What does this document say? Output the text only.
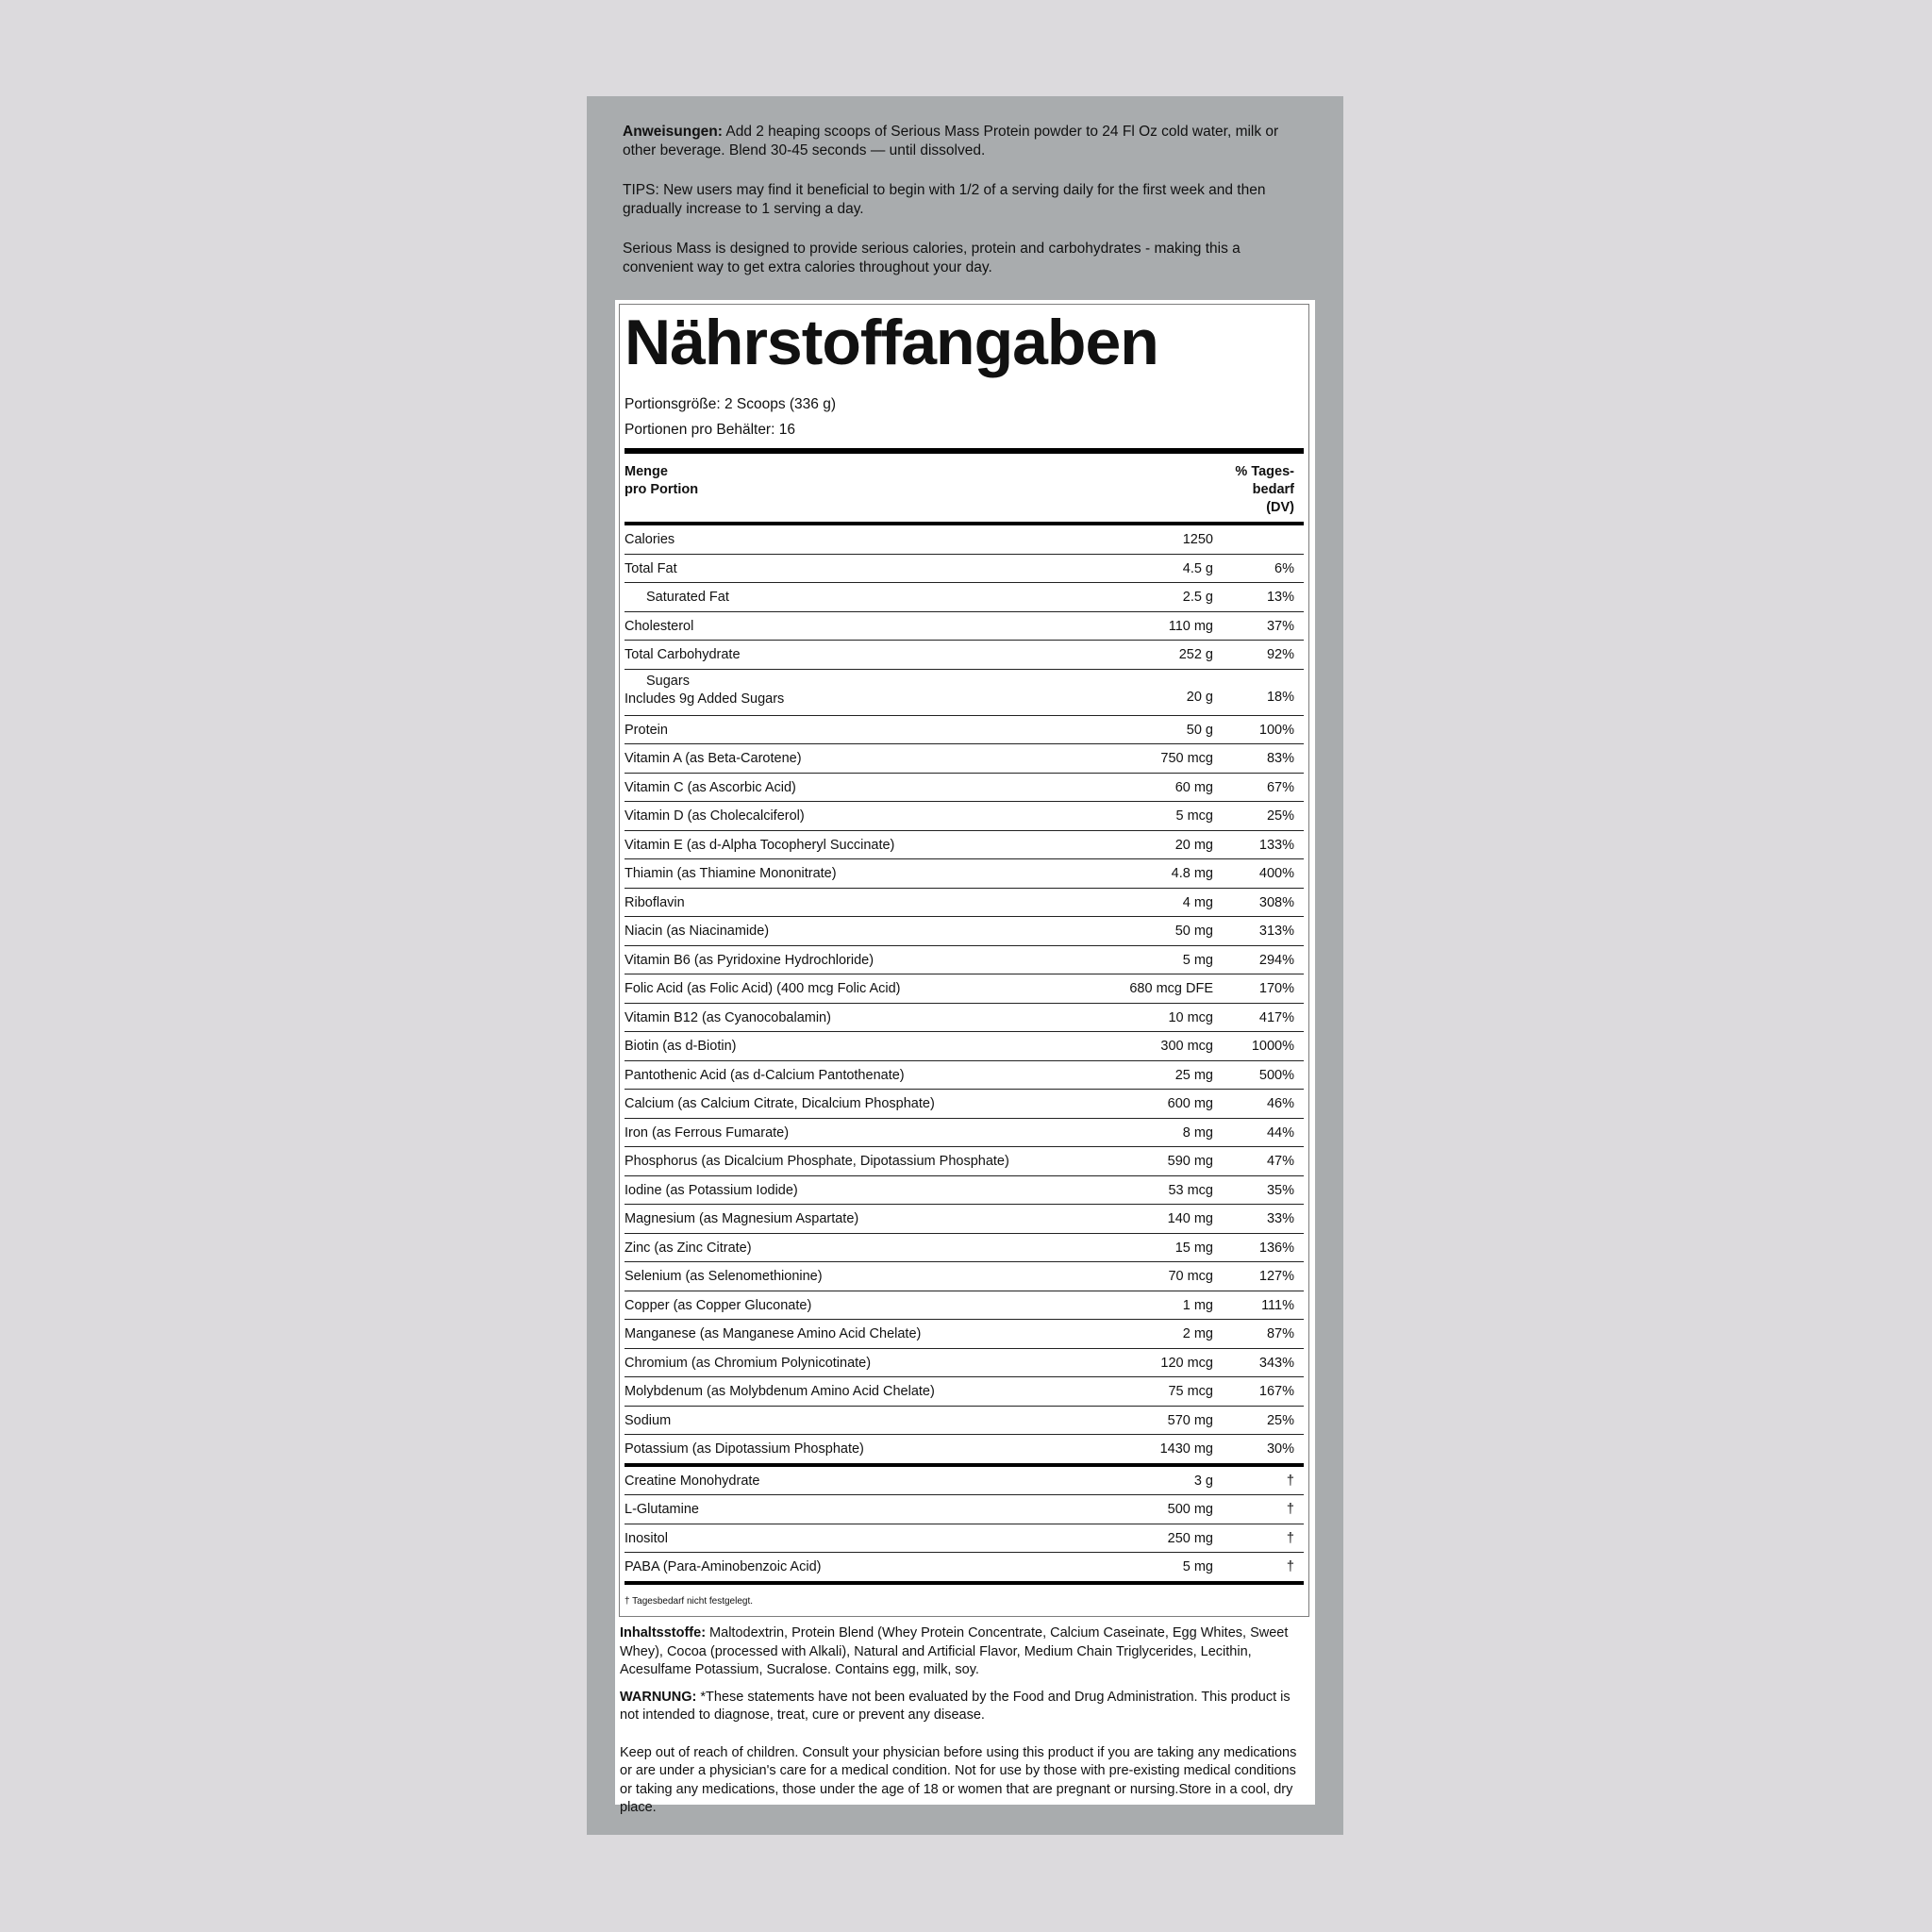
Anweisungen: Add 2 heaping scoops of Serious Mass Protein powder to 24 Fl Oz cold water, milk or other beverage. Blend 30-45 seconds — until dissolved.

TIPS: New users may find it beneficial to begin with 1/2 of a serving daily for the first week and then gradually increase to 1 serving a day.

Serious Mass is designed to provide serious calories, protein and carbohydrates - making this a convenient way to get extra calories throughout your day.

Nährstoffangaben
Portionsgröße: 2 Scoops (336 g)
Portionen pro Behälter: 16
Menge
pro Portion
% Tages-
bedarf
(DV)
Calories	1250
Total Fat	4.5 g	6%
Saturated Fat	2.5 g	13%
Cholesterol	110 mg	37%
Total Carbohydrate	252 g	92%
Sugars
Includes 9g Added Sugars	20 g	18%
Protein	50 g	100%
Vitamin A (as Beta-Carotene)	750 mcg	83%
Vitamin C (as Ascorbic Acid)	60 mg	67%
Vitamin D (as Cholecalciferol)	5 mcg	25%
Vitamin E (as d-Alpha Tocopheryl Succinate)	20 mg	133%
Thiamin (as Thiamine Mononitrate)	4.8 mg	400%
Riboflavin	4 mg	308%
Niacin (as Niacinamide)	50 mg	313%
Vitamin B6 (as Pyridoxine Hydrochloride)	5 mg	294%
Folic Acid (as Folic Acid) (400 mcg Folic Acid)	680 mcg DFE	170%
Vitamin B12 (as Cyanocobalamin)	10 mcg	417%
Biotin (as d-Biotin)	300 mcg	1000%
Pantothenic Acid (as d-Calcium Pantothenate)	25 mg	500%
Calcium (as Calcium Citrate, Dicalcium Phosphate)	600 mg	46%
Iron (as Ferrous Fumarate)	8 mg	44%
Phosphorus (as Dicalcium Phosphate, Dipotassium Phosphate)	590 mg	47%
Iodine (as Potassium Iodide)	53 mcg	35%
Magnesium (as Magnesium Aspartate)	140 mg	33%
Zinc (as Zinc Citrate)	15 mg	136%
Selenium (as Selenomethionine)	70 mcg	127%
Copper (as Copper Gluconate)	1 mg	111%
Manganese (as Manganese Amino Acid Chelate)	2 mg	87%
Chromium (as Chromium Polynicotinate)	120 mcg	343%
Molybdenum (as Molybdenum Amino Acid Chelate)	75 mcg	167%
Sodium	570 mg	25%
Potassium (as Dipotassium Phosphate)	1430 mg	30%
Creatine Monohydrate	3 g	†
L-Glutamine	500 mg	†
Inositol	250 mg	†
PABA (Para-Aminobenzoic Acid)	5 mg	†
† Tagesbedarf nicht festgelegt.

Inhaltsstoffe: Maltodextrin, Protein Blend (Whey Protein Concentrate, Calcium Caseinate, Egg Whites, Sweet Whey), Cocoa (processed with Alkali), Natural and Artificial Flavor, Medium Chain Triglycerides, Lecithin, Acesulfame Potassium, Sucralose. Contains egg, milk, soy.

WARNUNG: *These statements have not been evaluated by the Food and Drug Administration. This product is not intended to diagnose, treat, cure or prevent any disease.

Keep out of reach of children. Consult your physician before using this product if you are taking any medications or are under a physician's care for a medical condition. Not for use by those with pre-existing medical conditions or taking any medications, those under the age of 18 or women that are pregnant or nursing.Store in a cool, dry place.
